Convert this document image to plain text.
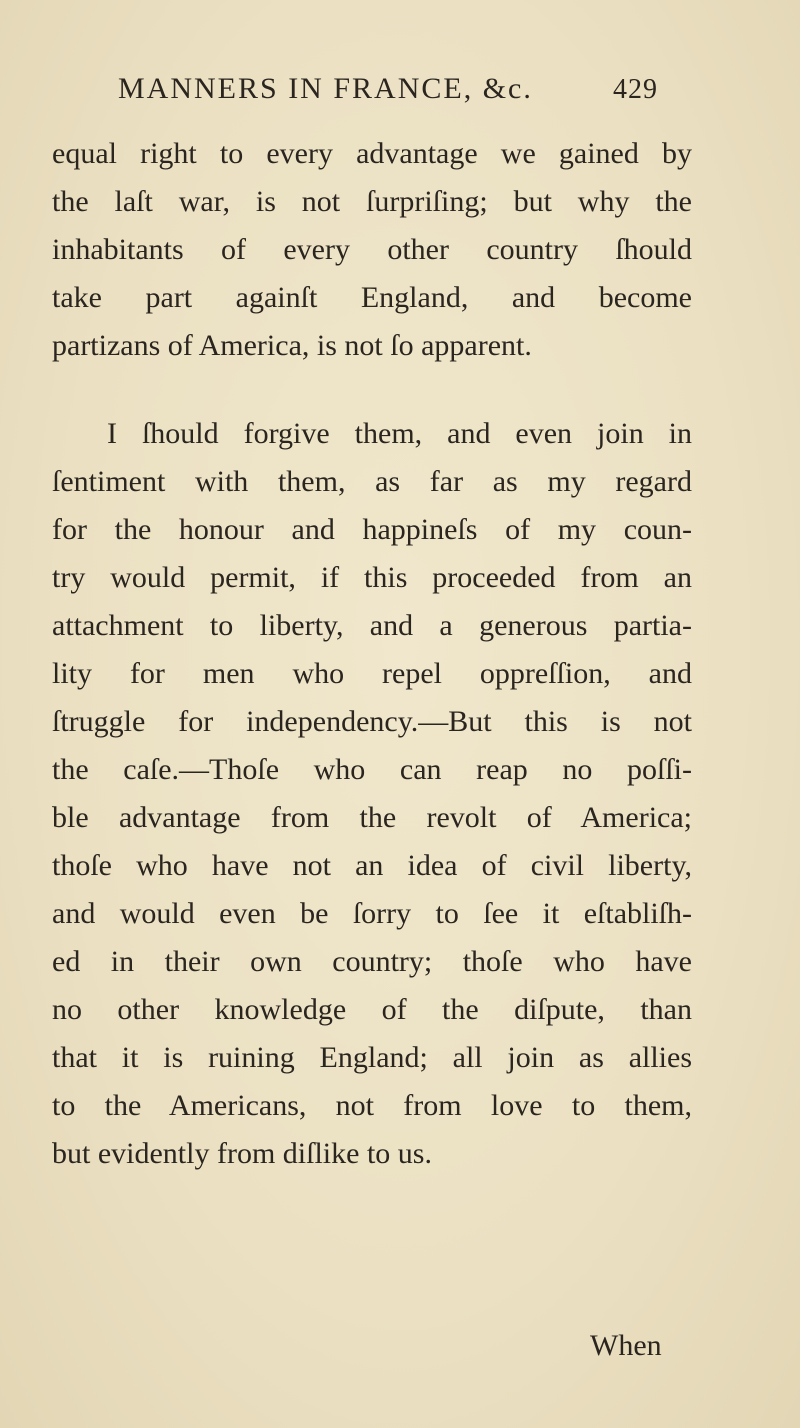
MANNERS IN FRANCE, &c.	429

equal right to every advantage we gained by
the laſt war, is not ſurpriſing; but why the
inhabitants of every other country ſhould
take part againſt England, and become
partizans of America, is not ſo apparent.

I ſhould forgive them, and even join in
ſentiment with them, as far as my regard
for the honour and happineſs of my coun-
try would permit, if this proceeded from an
attachment to liberty, and a generous partia-
lity for men who repel oppreſſion, and
ſtruggle for independency.—But this is not
the caſe.—Thoſe who can reap no poſſi-
ble advantage from the revolt of America;
thoſe who have not an idea of civil liberty,
and would even be ſorry to ſee it eſtabliſh-
ed in their own country; thoſe who have
no other knowledge of the diſpute, than
that it is ruining England; all join as allies
to the Americans, not from love to them,
but evidently from diſlike to us.

When
